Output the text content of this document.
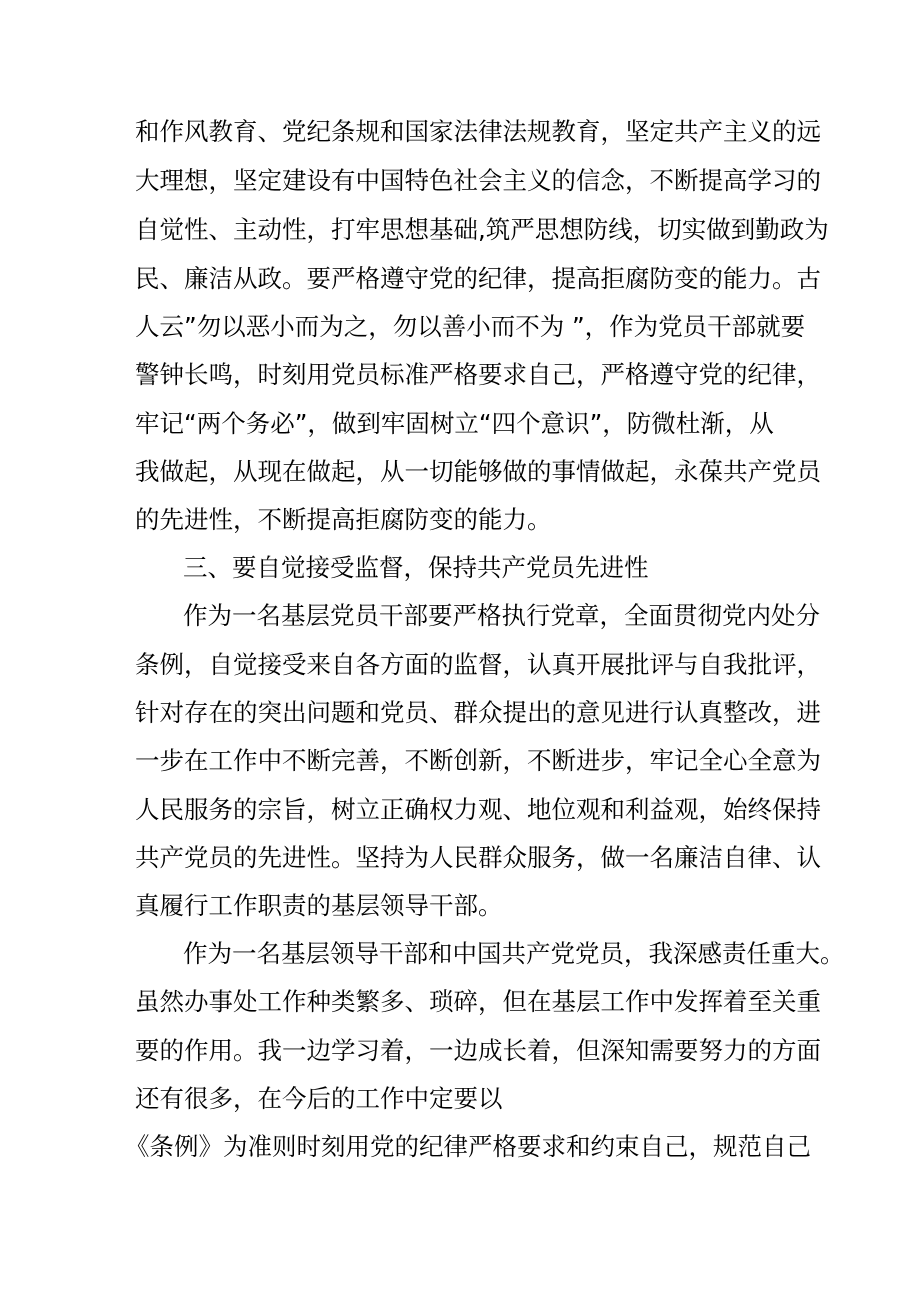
和作风教育、党纪条规和国家法律法规教育，坚定共产主义的远
大理想，坚定建设有中国特色社会主义的信念，不断提高学习的
自觉性、主动性，打牢思想基础,筑严思想防线，切实做到勤政为
民、廉洁从政。要严格遵守党的纪律，提高拒腐防变的能力。古
人云”勿以恶小而为之，勿以善小而不为 ”，作为党员干部就要
警钟长鸣，时刻用党员标准严格要求自己，严格遵守党的纪律，
牢记“两个务必”，做到牢固树立“四个意识”，防微杜渐，从
我做起，从现在做起，从一切能够做的事情做起，永葆共产党员
的先进性，不断提高拒腐防变的能力。
三、要自觉接受监督，保持共产党员先进性
作为一名基层党员干部要严格执行党章，全面贯彻党内处分
条例，自觉接受来自各方面的监督，认真开展批评与自我批评，
针对存在的突出问题和党员、群众提出的意见进行认真整改，进
一步在工作中不断完善，不断创新，不断进步，牢记全心全意为
人民服务的宗旨，树立正确权力观、地位观和利益观，始终保持
共产党员的先进性。坚持为人民群众服务，做一名廉洁自律、认
真履行工作职责的基层领导干部。
作为一名基层领导干部和中国共产党党员，我深感责任重大。
虽然办事处工作种类繁多、琐碎，但在基层工作中发挥着至关重
要的作用。我一边学习着，一边成长着，但深知需要努力的方面
还有很多，在今后的工作中定要以
《条例》为准则时刻用党的纪律严格要求和约束自己，规范自己
